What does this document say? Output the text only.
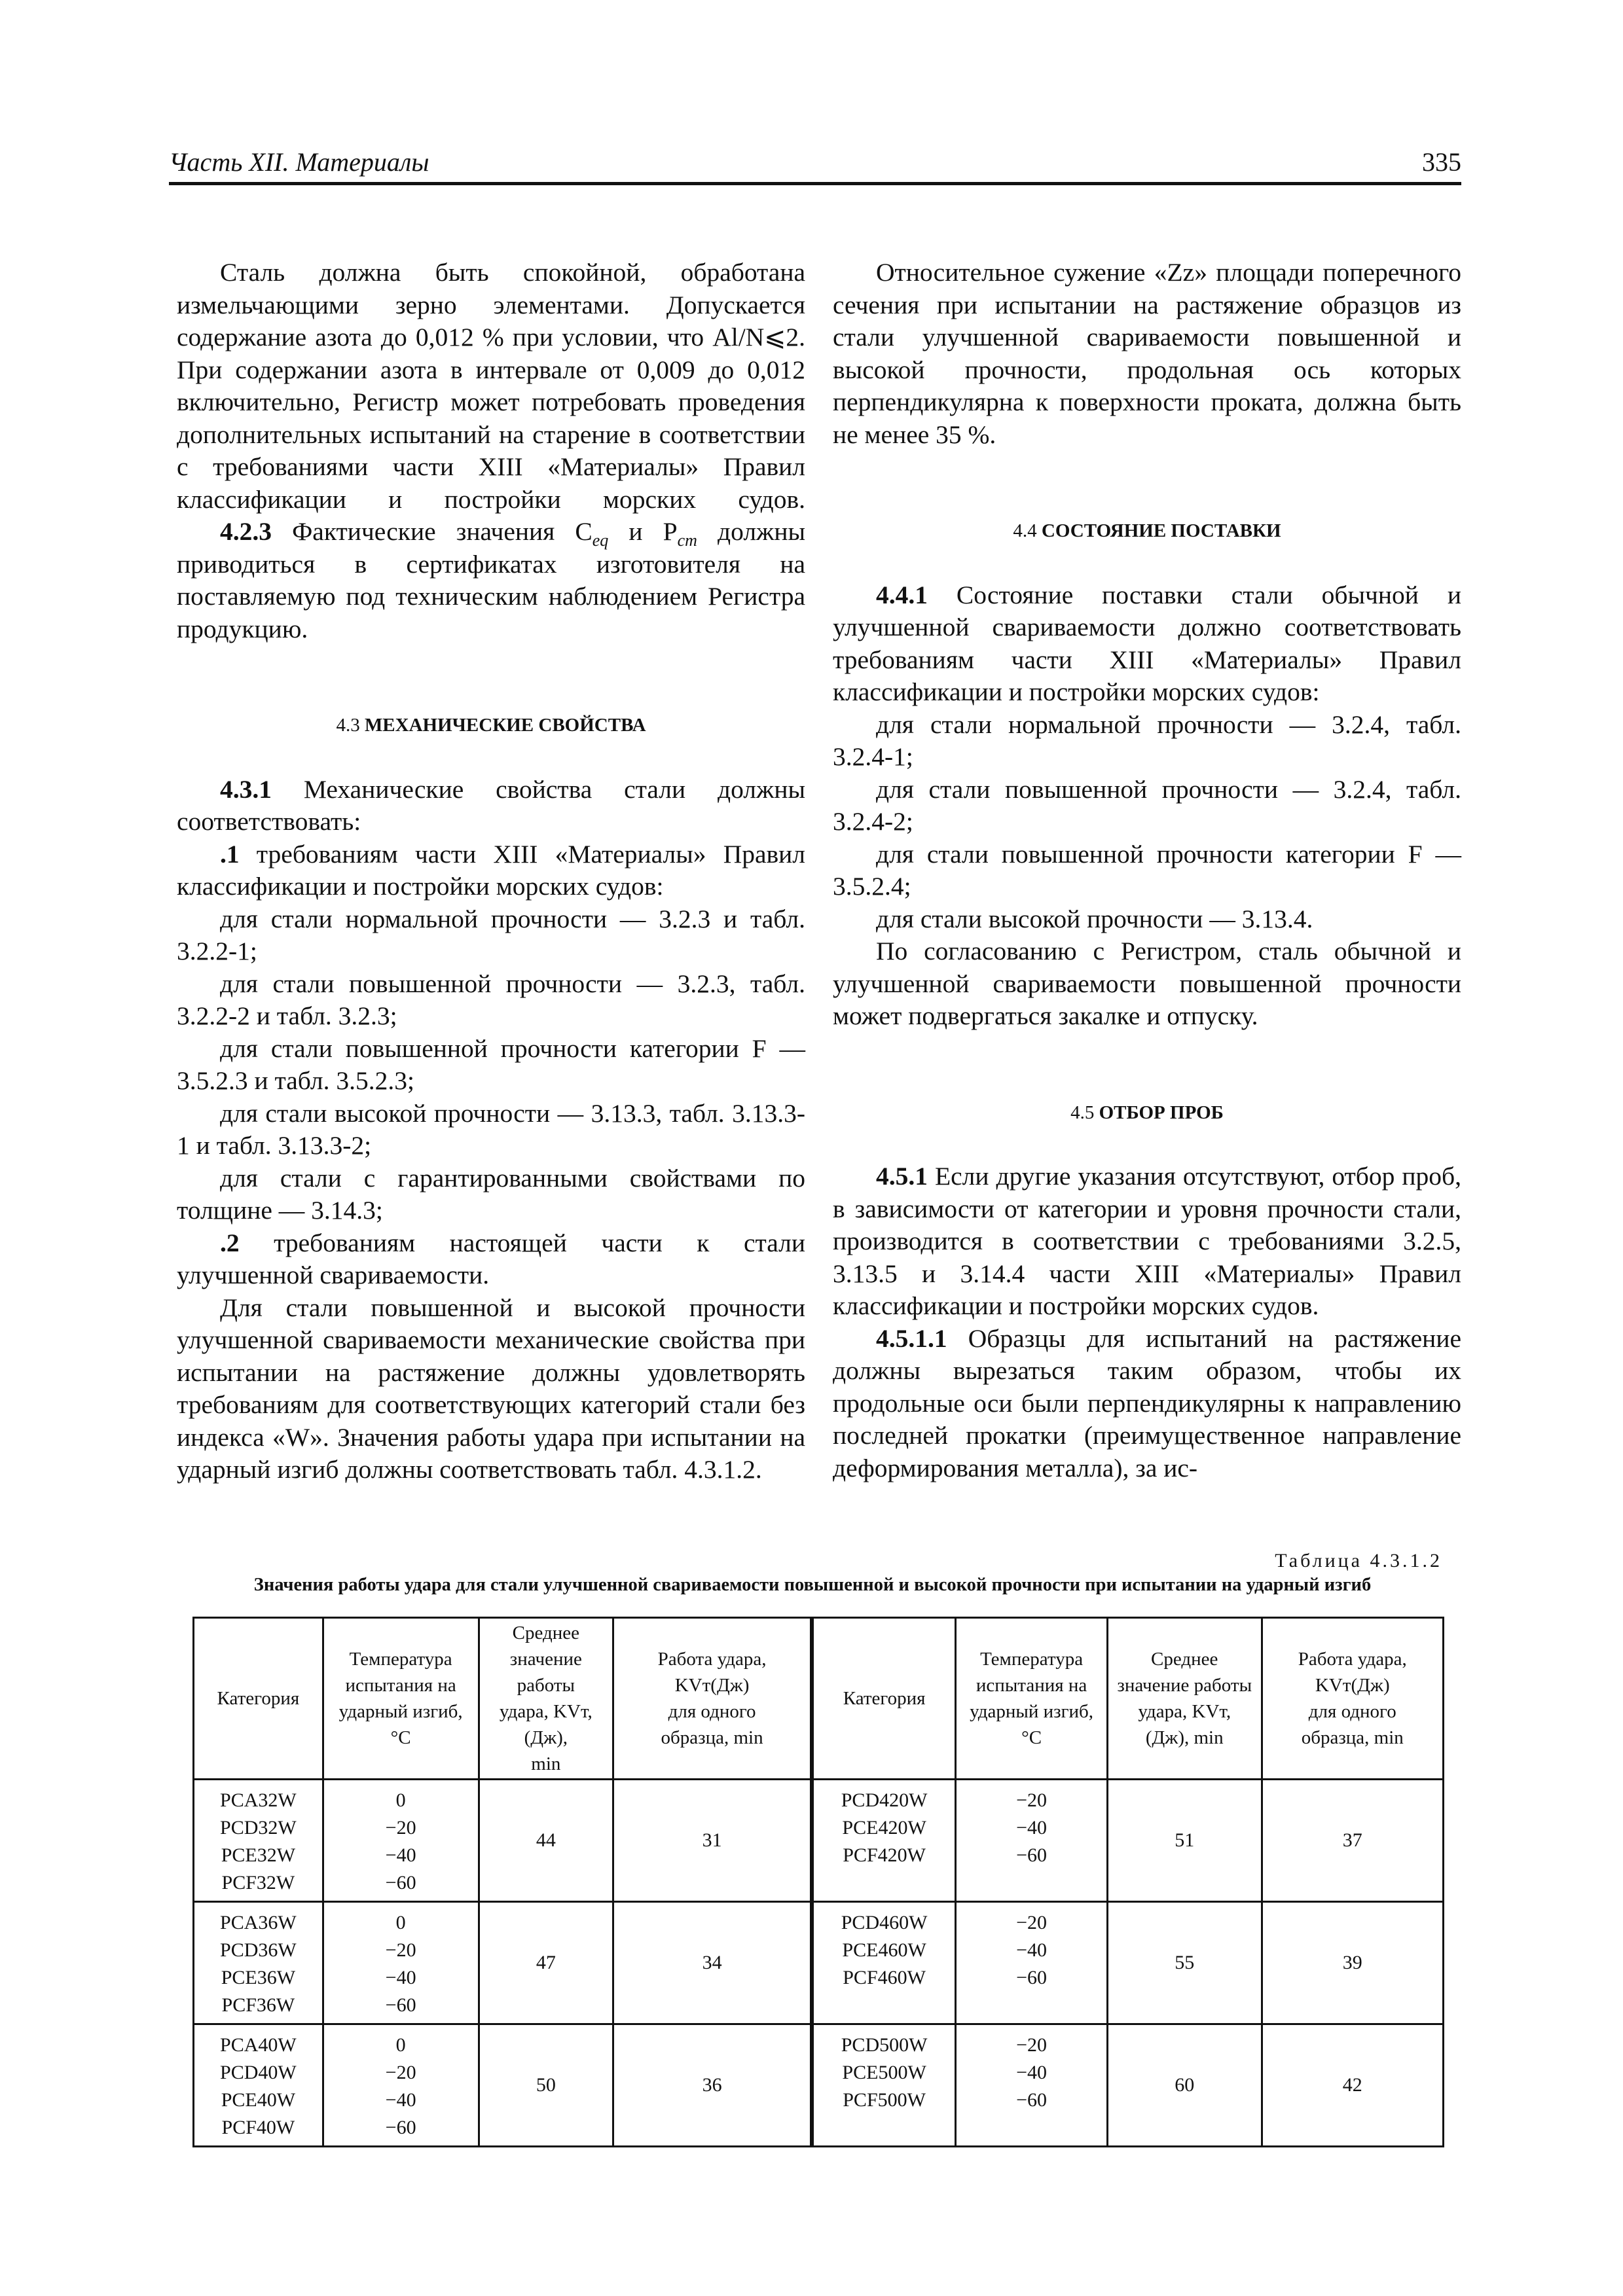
Часть XII. Материалы	335

Сталь должна быть спокойной, обработана измельчающими зерно элементами. Допускается содержание азота до 0,012 % при условии, что Al/N⩽2. При содержании азота в интервале от 0,009 до 0,012 включительно, Регистр может потребовать проведения дополнительных испытаний на старение в соответствии с требованиями части XIII «Материалы» Правил классификации и постройки морских судов.

4.2.3 Фактические значения $C_{eq}$ и $P_{cm}$ должны приводиться в сертификатах изготовителя на поставляемую под техническим наблюдением Регистра продукцию.

4.3 МЕХАНИЧЕСКИЕ СВОЙСТВА

4.3.1 Механические свойства стали должны соответствовать:

.1 требованиям части XIII «Материалы» Правил классификации и постройки морских судов:

для стали нормальной прочности — 3.2.3 и табл. 3.2.2-1;

для стали повышенной прочности — 3.2.3, табл. 3.2.2-2 и табл. 3.2.3;

для стали повышенной прочности категории F — 3.5.2.3 и табл. 3.5.2.3;

для стали высокой прочности — 3.13.3, табл. 3.13.3-1 и табл. 3.13.3-2;

для стали с гарантированными свойствами по толщине — 3.14.3;

.2 требованиям настоящей части к стали улучшенной свариваемости.

Для стали повышенной и высокой прочности улучшенной свариваемости механические свойства при испытании на растяжение должны удовлетворять требованиям для соответствующих категорий стали без индекса «W». Значения работы удара при испытании на ударный изгиб должны соответствовать табл. 4.3.1.2.

Относительное сужение «Zz» площади поперечного сечения при испытании на растяжение образцов из стали улучшенной свариваемости повышенной и высокой прочности, продольная ось которых перпендикулярна к поверхности проката, должна быть не менее 35 %.

4.4 СОСТОЯНИЕ ПОСТАВКИ

4.4.1 Состояние поставки стали обычной и улучшенной свариваемости должно соответствовать требованиям части XIII «Материалы» Правил классификации и постройки морских судов:

для стали нормальной прочности — 3.2.4, табл. 3.2.4-1;

для стали повышенной прочности — 3.2.4, табл. 3.2.4-2;

для стали повышенной прочности категории F — 3.5.2.4;

для стали высокой прочности — 3.13.4.

По согласованию с Регистром, сталь обычной и улучшенной свариваемости повышенной прочности может подвергаться закалке и отпуску.

4.5 ОТБОР ПРОБ

4.5.1 Если другие указания отсутствуют, отбор проб, в зависимости от категории и уровня прочности стали, производится в соответствии с требованиями 3.2.5, 3.13.5 и 3.14.4 части XIII «Материалы» Правил классификации и постройки морских судов.

4.5.1.1 Образцы для испытаний на растяжение должны вырезаться таким образом, чтобы их продольные оси были перпендикулярны к направлению последней прокатки (преимущественное направление деформирования металла), за ис-

Таблица 4.3.1.2
Значения работы удара для стали улучшенной свариваемости повышенной и высокой прочности при испытании на ударный изгиб
Категория	Температура
испытания на
ударный изгиб,
°C	Среднее
значение работы
удара, KVт,(Дж),
min	Работа удара,
KVт(Дж)
для одного
образца, min	Категория	Температура
испытания на
ударный изгиб,
°C	Среднее
значение работы
удара, KVт,
(Дж), min	Работа удара,
KVт(Дж)
для одного
образца, min

PCA32W
PCD32W
PCE32W
PCF32W	0
−20
−40
−60	44	31	PCD420W
PCE420W
PCF420W	−20
−40
−60	51	37

PCA36W
PCD36W
PCE36W
PCF36W	0
−20
−40
−60	47	34	PCD460W
PCE460W
PCF460W	−20
−40
−60	55	39

PCA40W
PCD40W
PCE40W
PCF40W	0
−20
−40
−60	50	36	PCD500W
PCE500W
PCF500W	−20
−40
−60	60	42
